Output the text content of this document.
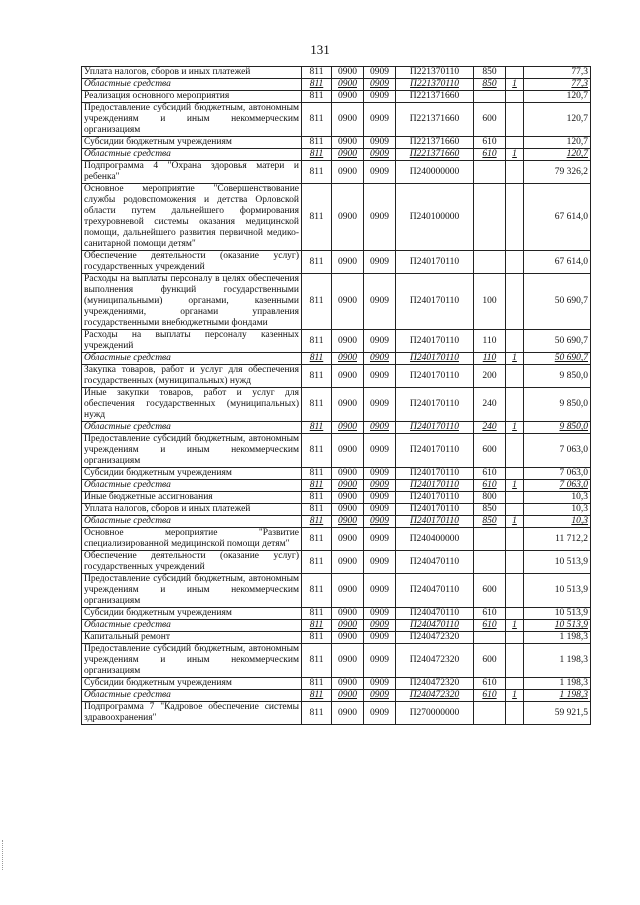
131
Уплата налогов, сборов и иных платежей	811	0900	0909	П221370110	850		77,3
Областные средства	811	0900	0909	П221370110	850	1	77,3
Реализация основного мероприятия	811	0900	0909	П221371660			120,7
Предоставление субсидий бюджетным, автономным учреждениям и иным некоммерческим организациям	811	0900	0909	П221371660	600		120,7
Субсидии бюджетным учреждениям	811	0900	0909	П221371660	610		120,7
Областные средства	811	0900	0909	П221371660	610	1	120,7
Подпрограмма 4 "Охрана здоровья матери и ребенка"	811	0900	0909	П240000000			79 326,2
Основное мероприятие "Совершенствование службы родовспоможения и детства Орловской области путем дальнейшего формирования трехуровневой системы оказания медицинской помощи, дальнейшего развития первичной медико-санитарной помощи детям"	811	0900	0909	П240100000			67 614,0
Обеспечение деятельности (оказание услуг) государственных учреждений	811	0900	0909	П240170110			67 614,0
Расходы на выплаты персоналу в целях обеспечения выполнения функций государственными (муниципальными) органами, казенными учреждениями, органами управления государственными внебюджетными фондами	811	0900	0909	П240170110	100		50 690,7
Расходы на выплаты персоналу казенных учреждений	811	0900	0909	П240170110	110		50 690,7
Областные средства	811	0900	0909	П240170110	110	1	50 690,7
Закупка товаров, работ и услуг для обеспечения государственных (муниципальных) нужд	811	0900	0909	П240170110	200		9 850,0
Иные закупки товаров, работ и услуг для обеспечения государственных (муниципальных) нужд	811	0900	0909	П240170110	240		9 850,0
Областные средства	811	0900	0909	П240170110	240	1	9 850,0
Предоставление субсидий бюджетным, автономным учреждениям и иным некоммерческим организациям	811	0900	0909	П240170110	600		7 063,0
Субсидии бюджетным учреждениям	811	0900	0909	П240170110	610		7 063,0
Областные средства	811	0900	0909	П240170110	610	1	7 063,0
Иные бюджетные ассигнования	811	0900	0909	П240170110	800		10,3
Уплата налогов, сборов и иных платежей	811	0900	0909	П240170110	850		10,3
Областные средства	811	0900	0909	П240170110	850	1	10,3
Основное мероприятие "Развитие специализированной медицинской помощи детям"	811	0900	0909	П240400000			11 712,2
Обеспечение деятельности (оказание услуг) государственных учреждений	811	0900	0909	П240470110			10 513,9
Предоставление субсидий бюджетным, автономным учреждениям и иным некоммерческим организациям	811	0900	0909	П240470110	600		10 513,9
Субсидии бюджетным учреждениям	811	0900	0909	П240470110	610		10 513,9
Областные средства	811	0900	0909	П240470110	610	1	10 513,9
Капитальный ремонт	811	0900	0909	П240472320			1 198,3
Предоставление субсидий бюджетным, автономным учреждениям и иным некоммерческим организациям	811	0900	0909	П240472320	600		1 198,3
Субсидии бюджетным учреждениям	811	0900	0909	П240472320	610		1 198,3
Областные средства	811	0900	0909	П240472320	610	1	1 198,3
Подпрограмма 7 "Кадровое обеспечение системы здравоохранения"	811	0900	0909	П270000000			59 921,5
